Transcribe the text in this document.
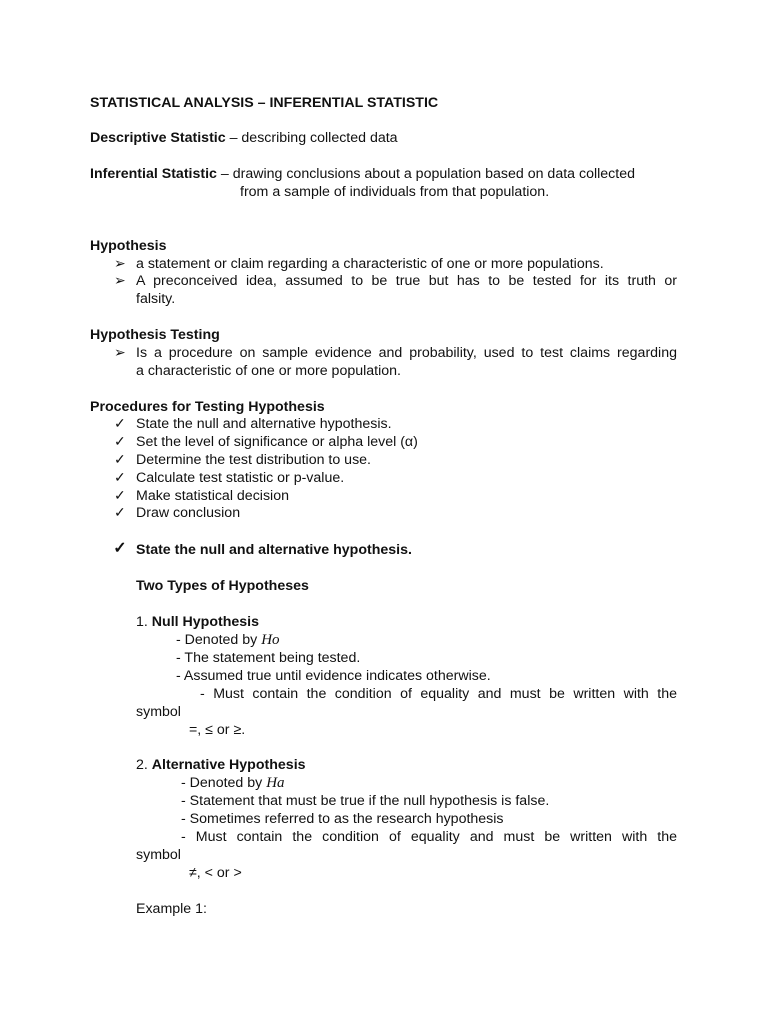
STATISTICAL ANALYSIS – INFERENTIAL STATISTIC
Descriptive Statistic – describing collected data
Inferential Statistic – drawing conclusions about a population based on data collected
from a sample of individuals from that population.
Hypothesis
➢ a statement or claim regarding a characteristic of one or more populations.
➢ A preconceived idea, assumed to be true but has to be tested for its truth or
falsity.
Hypothesis Testing
➢ Is a procedure on sample evidence and probability, used to test claims regarding
a characteristic of one or more population.
Procedures for Testing Hypothesis
✓ State the null and alternative hypothesis.
✓ Set the level of significance or alpha level (α)
✓ Determine the test distribution to use.
✓ Calculate test statistic or p-value.
✓ Make statistical decision
✓ Draw conclusion
✓ State the null and alternative hypothesis.
Two Types of Hypotheses
1. Null Hypothesis
- Denoted by Ho
- The statement being tested.
- Assumed true until evidence indicates otherwise.
- Must contain the condition of equality and must be written with the
symbol
=, ≤ or ≥.
2. Alternative Hypothesis
- Denoted by Ha
- Statement that must be true if the null hypothesis is false.
- Sometimes referred to as the research hypothesis
- Must contain the condition of equality and must be written with the
symbol
≠, < or >
Example 1:
